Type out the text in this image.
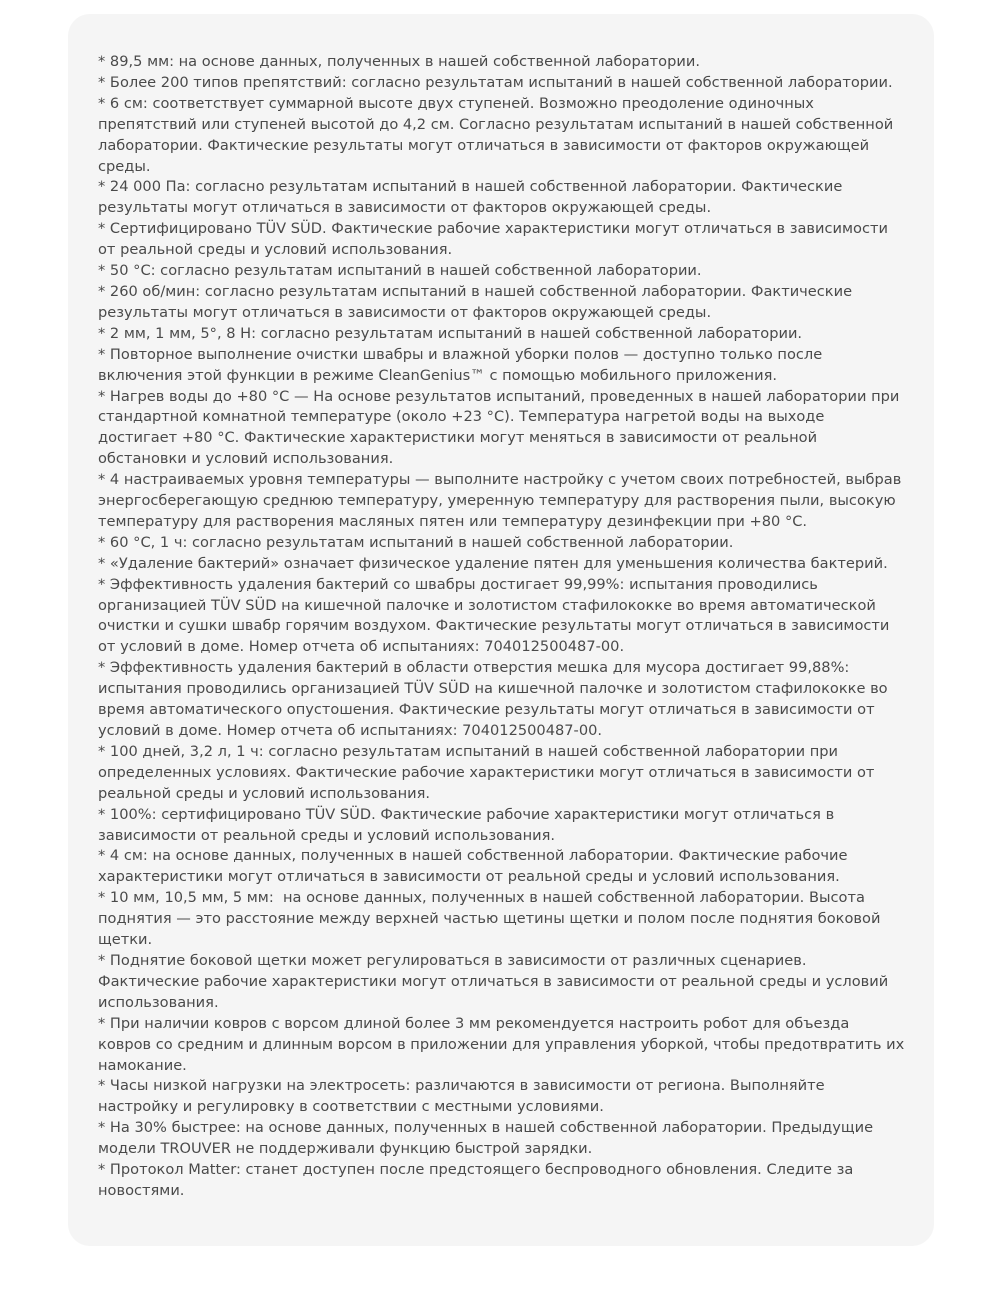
* 89,5 мм: на основе данных, полученных в нашей собственной лаборатории.
* Более 200 типов препятствий: согласно результатам испытаний в нашей собственной лаборатории.
* 6 см: соответствует суммарной высоте двух ступеней. Возможно преодоление одиночных препятствий или ступеней высотой до 4,2 см. Согласно результатам испытаний в нашей собственной лаборатории. Фактические результаты могут отличаться в зависимости от факторов окружающей среды.
* 24 000 Па: согласно результатам испытаний в нашей собственной лаборатории. Фактические результаты могут отличаться в зависимости от факторов окружающей среды.
* Сертифицировано TÜV SÜD. Фактические рабочие характеристики могут отличаться в зависимости от реальной среды и условий использования.
* 50 °C: согласно результатам испытаний в нашей собственной лаборатории.
* 260 об/мин: согласно результатам испытаний в нашей собственной лаборатории. Фактические результаты могут отличаться в зависимости от факторов окружающей среды.
* 2 мм, 1 мм, 5°, 8 Н: согласно результатам испытаний в нашей собственной лаборатории.
* Повторное выполнение очистки швабры и влажной уборки полов — доступно только после включения этой функции в режиме CleanGenius™ с помощью мобильного приложения.
* Нагрев воды до +80 °C — На основе результатов испытаний, проведенных в нашей лаборатории при стандартной комнатной температуре (около +23 °C). Температура нагретой воды на выходе достигает +80 °C. Фактические характеристики могут меняться в зависимости от реальной обстановки и условий использования.
* 4 настраиваемых уровня температуры — выполните настройку с учетом своих потребностей, выбрав энергосберегающую среднюю температуру, умеренную температуру для растворения пыли, высокую температуру для растворения масляных пятен или температуру дезинфекции при +80 °C.
* 60 °C, 1 ч: согласно результатам испытаний в нашей собственной лаборатории.
* «Удаление бактерий» означает физическое удаление пятен для уменьшения количества бактерий.
* Эффективность удаления бактерий со швабры достигает 99,99%: испытания проводились организацией TÜV SÜD на кишечной палочке и золотистом стафилококке во время автоматической очистки и сушки швабр горячим воздухом. Фактические результаты могут отличаться в зависимости от условий в доме. Номер отчета об испытаниях: 704012500487-00.
* Эффективность удаления бактерий в области отверстия мешка для мусора достигает 99,88%: испытания проводились организацией TÜV SÜD на кишечной палочке и золотистом стафилококке во время автоматического опустошения. Фактические результаты могут отличаться в зависимости от условий в доме. Номер отчета об испытаниях: 704012500487-00.
* 100 дней, 3,2 л, 1 ч: согласно результатам испытаний в нашей собственной лаборатории при определенных условиях. Фактические рабочие характеристики могут отличаться в зависимости от реальной среды и условий использования.
* 100%: сертифицировано TÜV SÜD. Фактические рабочие характеристики могут отличаться в зависимости от реальной среды и условий использования.
* 4 см: на основе данных, полученных в нашей собственной лаборатории. Фактические рабочие характеристики могут отличаться в зависимости от реальной среды и условий использования.
* 10 мм, 10,5 мм, 5 мм:  на основе данных, полученных в нашей собственной лаборатории. Высота поднятия — это расстояние между верхней частью щетины щетки и полом после поднятия боковой щетки.
* Поднятие боковой щетки может регулироваться в зависимости от различных сценариев. Фактические рабочие характеристики могут отличаться в зависимости от реальной среды и условий использования.
* При наличии ковров с ворсом длиной более 3 мм рекомендуется настроить робот для объезда ковров со средним и длинным ворсом в приложении для управления уборкой, чтобы предотвратить их намокание.
* Часы низкой нагрузки на электросеть: различаются в зависимости от региона. Выполняйте настройку и регулировку в соответствии с местными условиями.
* На 30% быстрее: на основе данных, полученных в нашей собственной лаборатории. Предыдущие модели TROUVER не поддерживали функцию быстрой зарядки.
* Протокол Matter: станет доступен после предстоящего беспроводного обновления. Следите за новостями.
